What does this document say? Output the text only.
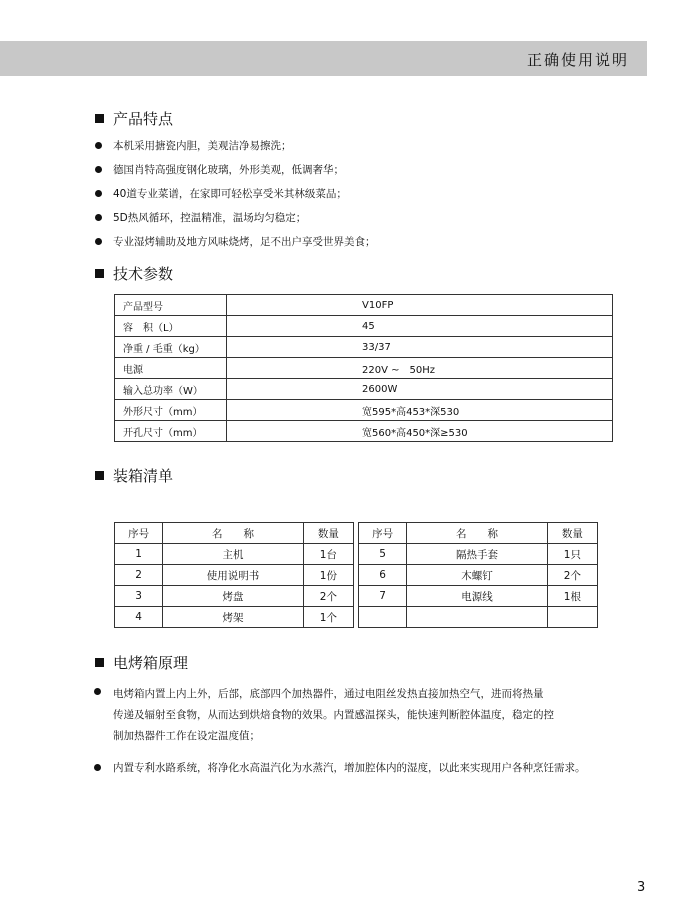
正确使用说明
产品特点
本机采用搪瓷内胆，美观洁净易擦洗；
德国肖特高强度钢化玻璃，外形美观，低调奢华；
40道专业菜谱，在家即可轻松享受米其林级菜品；
5D热风循环，控温精准，温场均匀稳定；
专业湿烤辅助及地方风味烧烤，足不出户享受世界美食；
技术参数
产品型号	V10FP
容　积（L）	45
净重 / 毛重（kg）	33/37
电源	220V ~　50Hz
输入总功率（W）	2600W
外形尺寸（mm）	宽595*高453*深530
开孔尺寸（mm）	宽560*高450*深≥530
装箱清单
序号	名　　称	数量
1	主机	1台
2	使用说明书	1份
3	烤盘	2个
4	烤架	1个
序号	名　　称	数量
5	隔热手套	1只
6	木螺钉	2个
7	电源线	1根

电烤箱原理
电烤箱内置上内上外，后部，底部四个加热器件，通过电阻丝发热直接加热空气，进而将热量
传递及辐射至食物，从而达到烘焙食物的效果。内置感温探头，能快速判断腔体温度，稳定的控
制加热器件工作在设定温度值；
内置专利水路系统，将净化水高温汽化为水蒸汽，增加腔体内的湿度，以此来实现用户各种烹饪需求。
3
